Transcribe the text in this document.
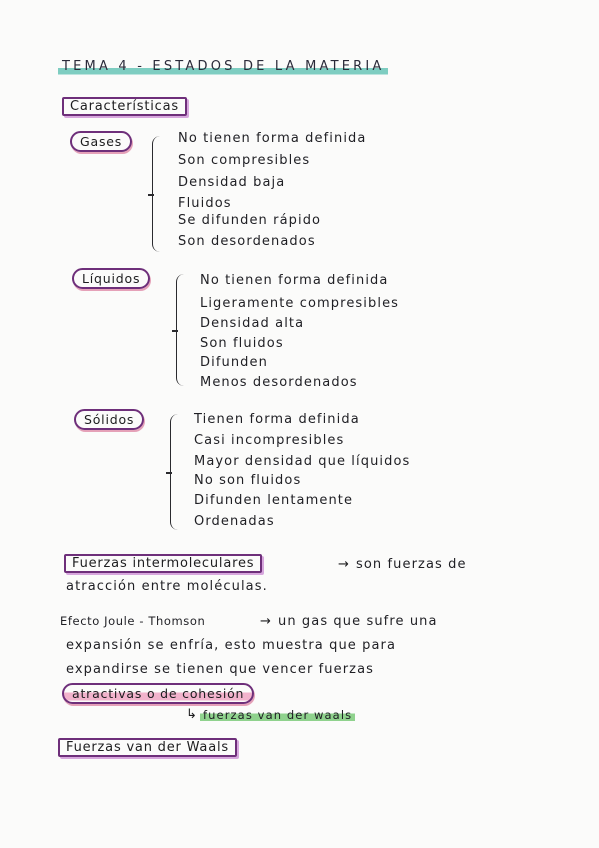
TEMA 4 - ESTADOS DE LA MATERIA
Características
Gases	No tienen forma definida
Son compresibles
Densidad baja
Fluidos
Se difunden rápido
Son desordenados
Líquidos	No tienen forma definida
Ligeramente compresibles
Densidad alta
Son fluidos
Difunden
Menos desordenados
Sólidos	Tienen forma definida
Casi incompresibles
Mayor densidad que líquidos
No son fluidos
Difunden lentamente
Ordenadas
Fuerzas intermoleculares	→ son fuerzas de
atracción entre moléculas.
Efecto Joule - Thomson	→ un gas que sufre una
expansión se enfría, esto muestra que para
expandirse se tienen que vencer fuerzas
atractivas o de cohesión
↳ fuerzas van der waals
Fuerzas van der Waals
